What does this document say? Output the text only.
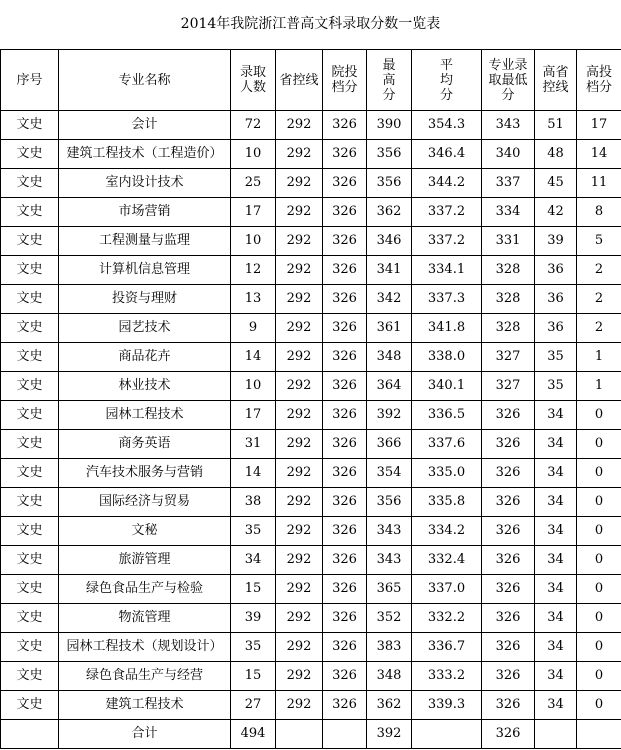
2014年我院浙江普高文科录取分数一览表
序号	专业名称	录取人数	省控线	院投档分	最高分	平均分	专业录取最低分	高省控线	高投档分
文史	会计	72	292	326	390	354.3	343	51	17
文史	建筑工程技术（工程造价）	10	292	326	356	346.4	340	48	14
文史	室内设计技术	25	292	326	356	344.2	337	45	11
文史	市场营销	17	292	326	362	337.2	334	42	8
文史	工程测量与监理	10	292	326	346	337.2	331	39	5
文史	计算机信息管理	12	292	326	341	334.1	328	36	2
文史	投资与理财	13	292	326	342	337.3	328	36	2
文史	园艺技术	9	292	326	361	341.8	328	36	2
文史	商品花卉	14	292	326	348	338.0	327	35	1
文史	林业技术	10	292	326	364	340.1	327	35	1
文史	园林工程技术	17	292	326	392	336.5	326	34	0
文史	商务英语	31	292	326	366	337.6	326	34	0
文史	汽车技术服务与营销	14	292	326	354	335.0	326	34	0
文史	国际经济与贸易	38	292	326	356	335.8	326	34	0
文史	文秘	35	292	326	343	334.2	326	34	0
文史	旅游管理	34	292	326	343	332.4	326	34	0
文史	绿色食品生产与检验	15	292	326	365	337.0	326	34	0
文史	物流管理	39	292	326	352	332.2	326	34	0
文史	园林工程技术（规划设计）	35	292	326	383	336.7	326	34	0
文史	绿色食品生产与经营	15	292	326	348	333.2	326	34	0
文史	建筑工程技术	27	292	326	362	339.3	326	34	0
	合计	494			392		326		
